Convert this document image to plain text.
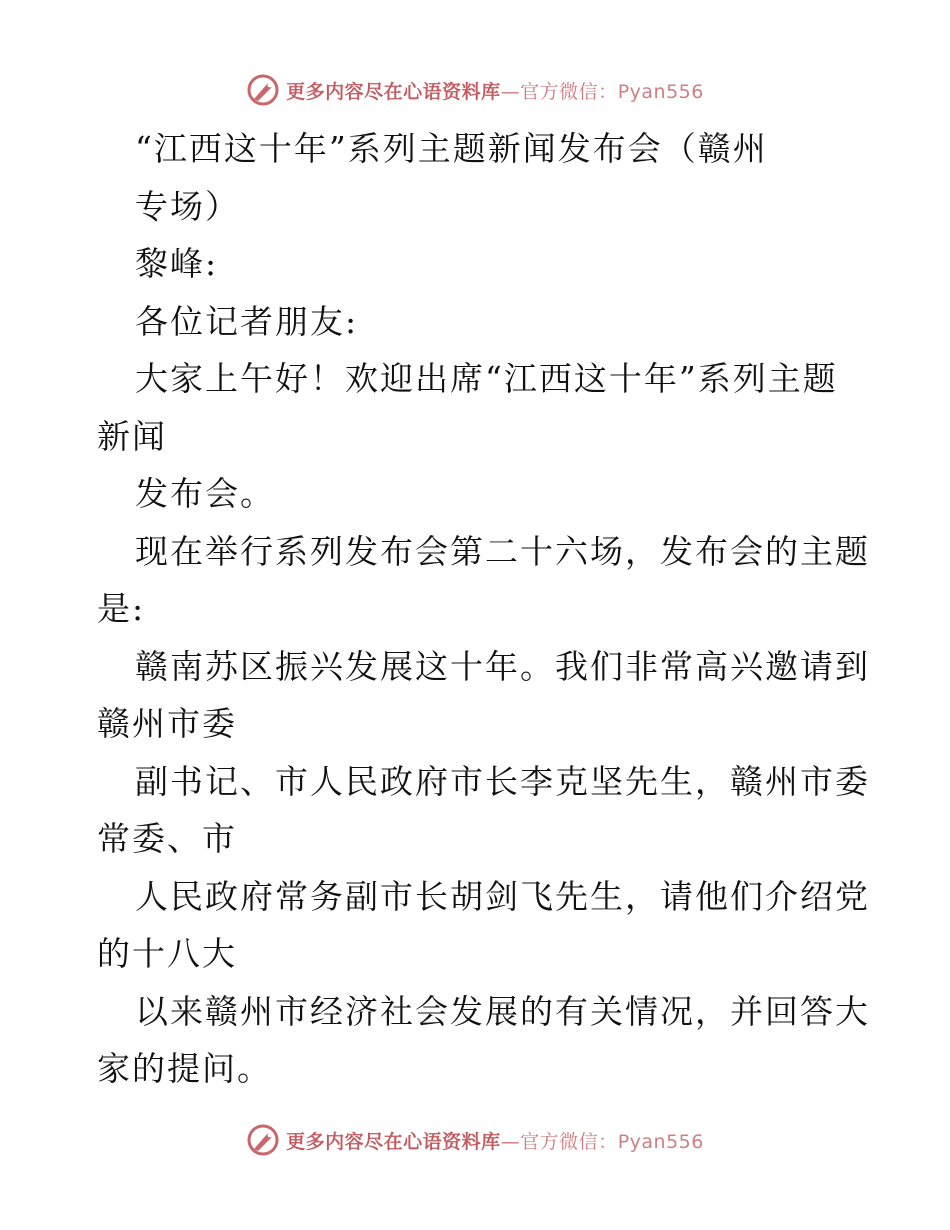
更多内容尽在心语资料库—官方微信：Pyan556
“江西这十年”系列主题新闻发布会（赣州
专场）
黎峰:
各位记者朋友:
大家上午好！欢迎出席“江西这十年”系列主题
新闻
发布会。
现在举行系列发布会第二十六场，发布会的主题
是:
赣南苏区振兴发展这十年。我们非常高兴邀请到
赣州市委
副书记、市人民政府市长李克坚先生，赣州市委
常委、市
人民政府常务副市长胡剑飞先生，请他们介绍党
的十八大
以来赣州市经济社会发展的有关情况，并回答大
家的提问。
更多内容尽在心语资料库—官方微信：Pyan556
